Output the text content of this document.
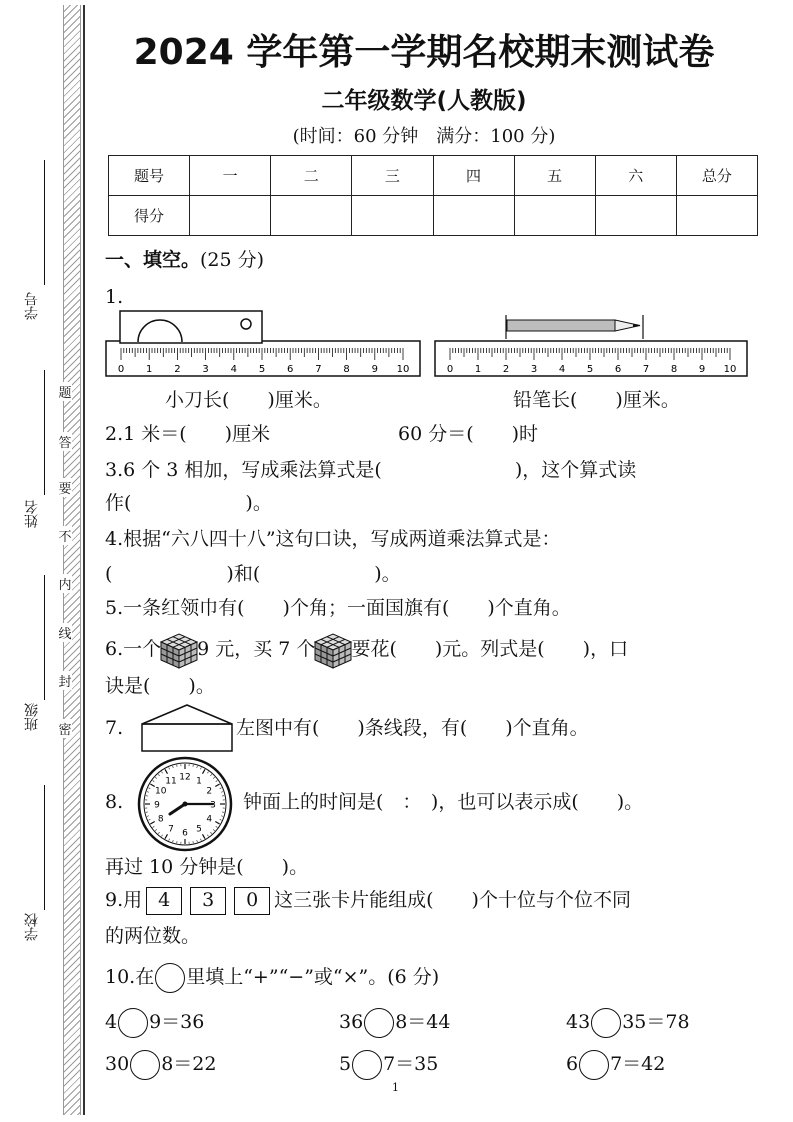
学号
姓名
班级
学校
题
答
要
不
内
线
封
密
2024 学年第一学期名校期末测试卷
二年级数学(人教版)
(时间：60 分钟　满分：100 分)
题号	一	二	三	四	五	六	总分
得分							
一、填空。(25 分)
1.
0 1 2 3 4 5 6 7 8 9 10	0 1 2 3 4 5 6 7 8 9 10
小刀长(　　)厘米。	铅笔长(　　)厘米。
2.1 米＝(　　)厘米	60 分＝(　　)时
3.6 个 3 相加，写成乘法算式是(　　　　　　　)，这个算式读
作(　　　　　　)。
4.根据“六八四十八”这句口诀，写成两道乘法算式是：
(　　　　　　)和(　　　　　　)。
5.一条红领巾有(　　)个角；一面国旗有(　　)个直角。
6.一个 9 元，买 7 个 要花(　　)元。列式是(　　)，口
诀是(　　)。
7.	左图中有(　　)条线段，有(　　)个直角。
8.
12 1
2
3
4
5
6
7
8
9
10
11
钟面上的时间是(　：　)，也可以表示成(　　)。
再过 10 分钟是(　　)。
9.用 4 3 0 这三张卡片能组成(　　)个十位与个位不同
的两位数。
10.在 里填上“+”“−”或“×”。(6 分)
4 9＝36	36 8＝44	43 35＝78
30 8＝22	5 7＝35	6 7＝42
1
